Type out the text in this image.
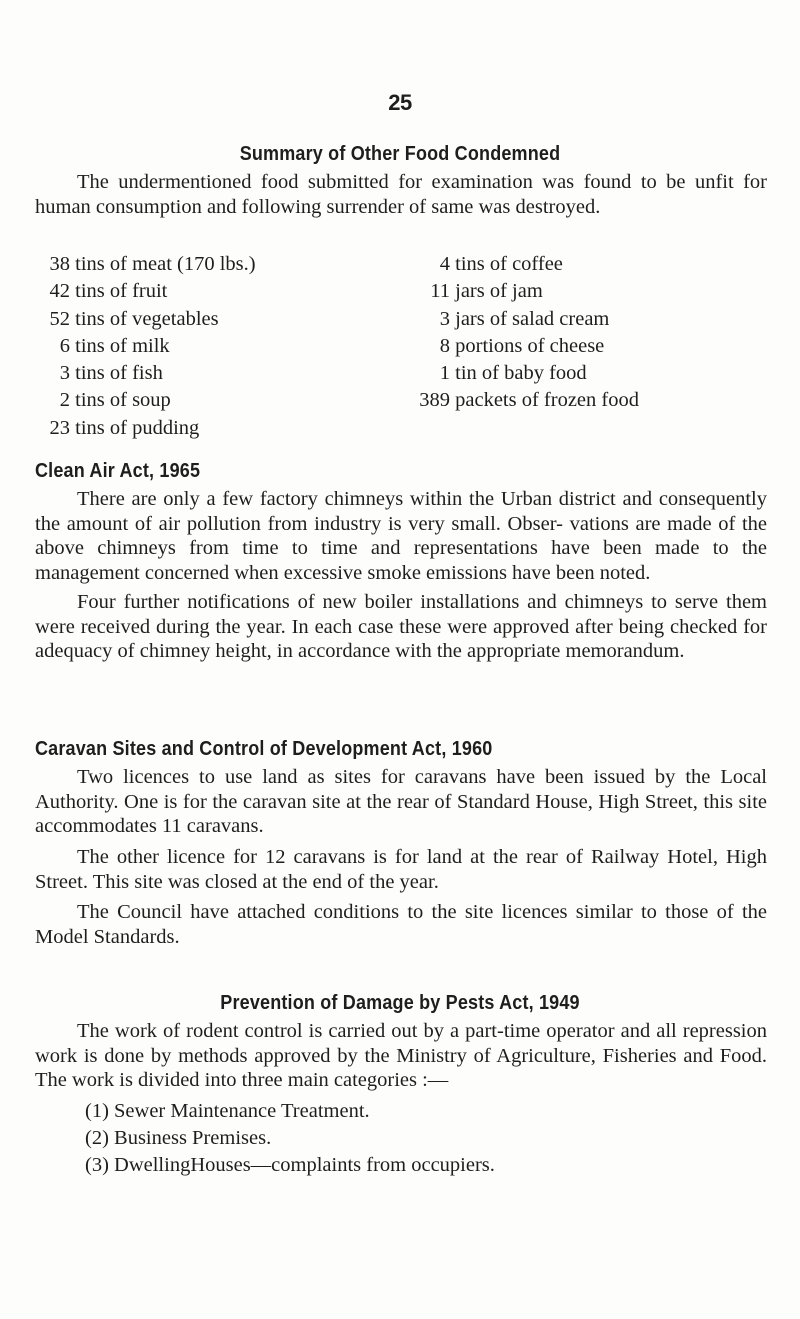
25
Summary of Other Food Condemned

The undermentioned food submitted for examination was found to be unfit for human consumption and following surrender of same was destroyed.

38 tins of meat (170 lbs.)
42 tins of fruit
52 tins of vegetables
6 tins of milk
3 tins of fish
2 tins of soup
23 tins of pudding
4 tins of coffee
11 jars of jam
3 jars of salad cream
8 portions of cheese
1 tin of baby food
389 packets of frozen food
Clean Air Act, 1965

There are only a few factory chimneys within the Urban district and consequently the amount of air pollution from industry is very small. Obser- vations are made of the above chimneys from time to time and representations have been made to the management concerned when excessive smoke emissions have been noted.

Four further notifications of new boiler installations and chimneys to serve them were received during the year. In each case these were approved after being checked for adequacy of chimney height, in accordance with the appropriate memorandum.

Caravan Sites and Control of Development Act, 1960

Two licences to use land as sites for caravans have been issued by the Local Authority. One is for the caravan site at the rear of Standard House, High Street, this site accommodates 11 caravans.

The other licence for 12 caravans is for land at the rear of Railway Hotel, High Street. This site was closed at the end of the year.

The Council have attached conditions to the site licences similar to those of the Model Standards.

Prevention of Damage by Pests Act, 1949

The work of rodent control is carried out by a part-time operator and all repression work is done by methods approved by the Ministry of Agriculture, Fisheries and Food. The work is divided into three main categories :—

(1) Sewer Maintenance Treatment.
(2) Business Premises.
(3) DwellingHouses—complaints from occupiers.
